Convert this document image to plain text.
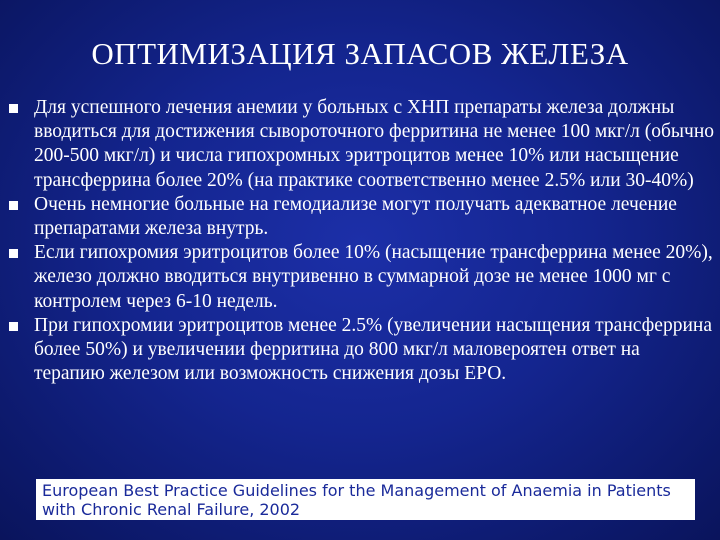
ОПТИМИЗАЦИЯ ЗАПАСОВ ЖЕЛЕЗА
Для успешного лечения анемии у больных с ХНП препараты железа должны вводиться для достижения сывороточного ферритина не менее 100 мкг/л (обычно 200-500 мкг/л) и числа гипохромных эритроцитов менее 10% или насыщение трансферрина более 20% (на практике соответственно менее 2.5% или 30-40%)
Очень немногие больные на гемодиализе могут получать адекватное лечение препаратами железа внутрь.
Если гипохромия эритроцитов более 10% (насыщение трансферрина менее 20%), железо должно вводиться внутривенно в суммарной дозе не менее 1000 мг с контролем через 6-10 недель.
При гипохромии эритроцитов менее 2.5% (увеличении насыщения трансферрина более 50%) и увеличении ферритина до 800 мкг/л маловероятен ответ на терапию железом или возможность снижения дозы ЕРО.
European Best Practice Guidelines for the Management of Anaemia in Patients with Chronic Renal Failure, 2002
